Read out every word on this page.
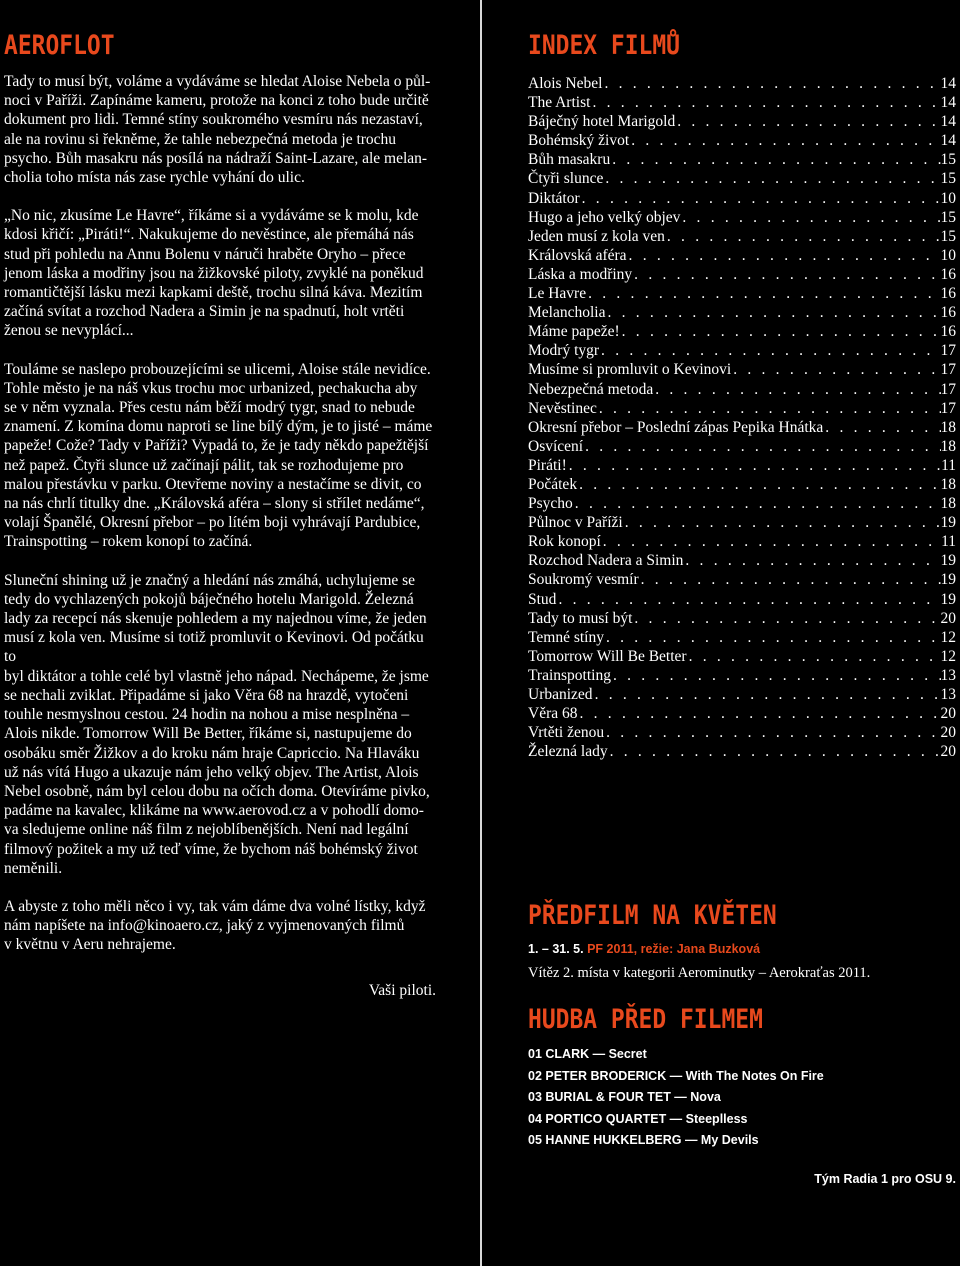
AEROFLOT

Tady to musí být, voláme a vydáváme se hledat Aloise Nebela o půl-
noci v Paříži. Zapínáme kameru, protože na konci z toho bude určitě
dokument pro lidi. Temné stíny soukromého vesmíru nás nezastaví,
ale na rovinu si řekněme, že tahle nebezpečná metoda je trochu
psycho. Bůh masakru nás posílá na nádraží Saint-Lazare, ale melan-
cholia toho místa nás zase rychle vyhání do ulic.

„No nic, zkusíme Le Havre“, říkáme si a vydáváme se k molu, kde
kdosi křičí: „Piráti!“. Nakukujeme do nevěstince, ale přemáhá nás
stud při pohledu na Annu Bolenu v náruči hraběte Oryho – přece
jenom láska a modřiny jsou na žižkovské piloty, zvyklé na poněkud
romantičtější lásku mezi kapkami deště, trochu silná káva. Mezitím
začíná svítat a rozchod Nadera a Simin je na spadnutí, holt vrtěti
ženou se nevyplácí...

Touláme se naslepo probouzejícími se ulicemi, Aloise stále nevidíce.
Tohle město je na náš vkus trochu moc urbanized, pechakucha aby
se v něm vyznala. Přes cestu nám běží modrý tygr, snad to nebude
znamení. Z komína domu naproti se line bílý dým, je to jisté – máme
papeže! Cože? Tady v Paříži? Vypadá to, že je tady někdo papežtější
než papež. Čtyři slunce už začínají pálit, tak se rozhodujeme pro
malou přestávku v parku. Otevřeme noviny a nestačíme se divit, co
na nás chrlí titulky dne. „Královská aféra – slony si střílet nedáme“,
volají Španělé, Okresní přebor – po lítém boji vyhrávají Pardubice,
Trainspotting – rokem konopí to začíná.

Sluneční shining už je značný a hledání nás zmáhá, uchylujeme se
tedy do vychlazených pokojů báječného hotelu Marigold. Železná
lady za recepcí nás skenuje pohledem a my najednou víme, že jeden
musí z kola ven. Musíme si totiž promluvit o Kevinovi. Od počátku to
byl diktátor a tohle celé byl vlastně jeho nápad. Nechápeme, že jsme
se nechali zviklat. Připadáme si jako Věra 68 na hrazdě, vytočeni
touhle nesmyslnou cestou. 24 hodin na nohou a mise nesplněna –
Alois nikde. Tomorrow Will Be Better, říkáme si, nastupujeme do
osobáku směr Žižkov a do kroku nám hraje Capriccio. Na Hlaváku
už nás vítá Hugo a ukazuje nám jeho velký objev. The Artist, Alois
Nebel osobně, nám byl celou dobu na očích doma. Otevíráme pivko,
padáme na kavalec, klikáme na www.aerovod.cz a v pohodlí domo-
va sledujeme online náš film z nejoblíbenějších. Není nad legální
filmový požitek a my už teď víme, že bychom náš bohémský život
neměnili.

A abyste z toho měli něco i vy, tak vám dáme dva volné lístky, když
nám napíšete na info@kinoaero.cz, jaký z vyjmenovaných filmů
v květnu v Aeru nehrajeme.

Vaši piloti.
INDEX FILMŮ
Alois Nebel . . .	14
The Artist . . .	14
Báječný hotel Marigold . . .	14
Bohémský život . . .	14
Bůh masakru . . .	15
Čtyři slunce . . .	15
Diktátor . . .	10
Hugo a jeho velký objev . . .	15
Jeden musí z kola ven . . .	15
Královská aféra . . .	10
Láska a modřiny . . .	16
Le Havre . . .	16
Melancholia . . .	16
Máme papeže! . . .	16
Modrý tygr . . .	17
Musíme si promluvit o Kevinovi . . .	17
Nebezpečná metoda . . .	17
Nevěstinec . . .	17
Okresní přebor – Poslední zápas Pepika Hnátka . . .	18
Osvícení . . .	18
Piráti! . . .	11
Počátek . . .	18
Psycho . . .	18
Půlnoc v Paříži . . .	19
Rok konopí . . .	11
Rozchod Nadera a Simin . . .	19
Soukromý vesmír . . .	19
Stud . . .	19
Tady to musí být . . .	20
Temné stíny . . .	12
Tomorrow Will Be Better . . .	12
Trainspotting . . .	13
Urbanized . . .	13
Věra 68 . . .	20
Vrtěti ženou . . .	20
Železná lady . . .	20
PŘEDFILM NA KVĚTEN
1. – 31. 5. PF 2011, režie: Jana Buzková
Vítěz 2. místa v kategorii Aerominutky – Aerokraťas 2011.
HUDBA PŘED FILMEM
01 CLARK — Secret
02 PETER BRODERICK — With The Notes On Fire
03 BURIAL & FOUR TET — Nova
04 PORTICO QUARTET — Steeplless
05 HANNE HUKKELBERG — My Devils
Tým Radia 1 pro OSU 9.
